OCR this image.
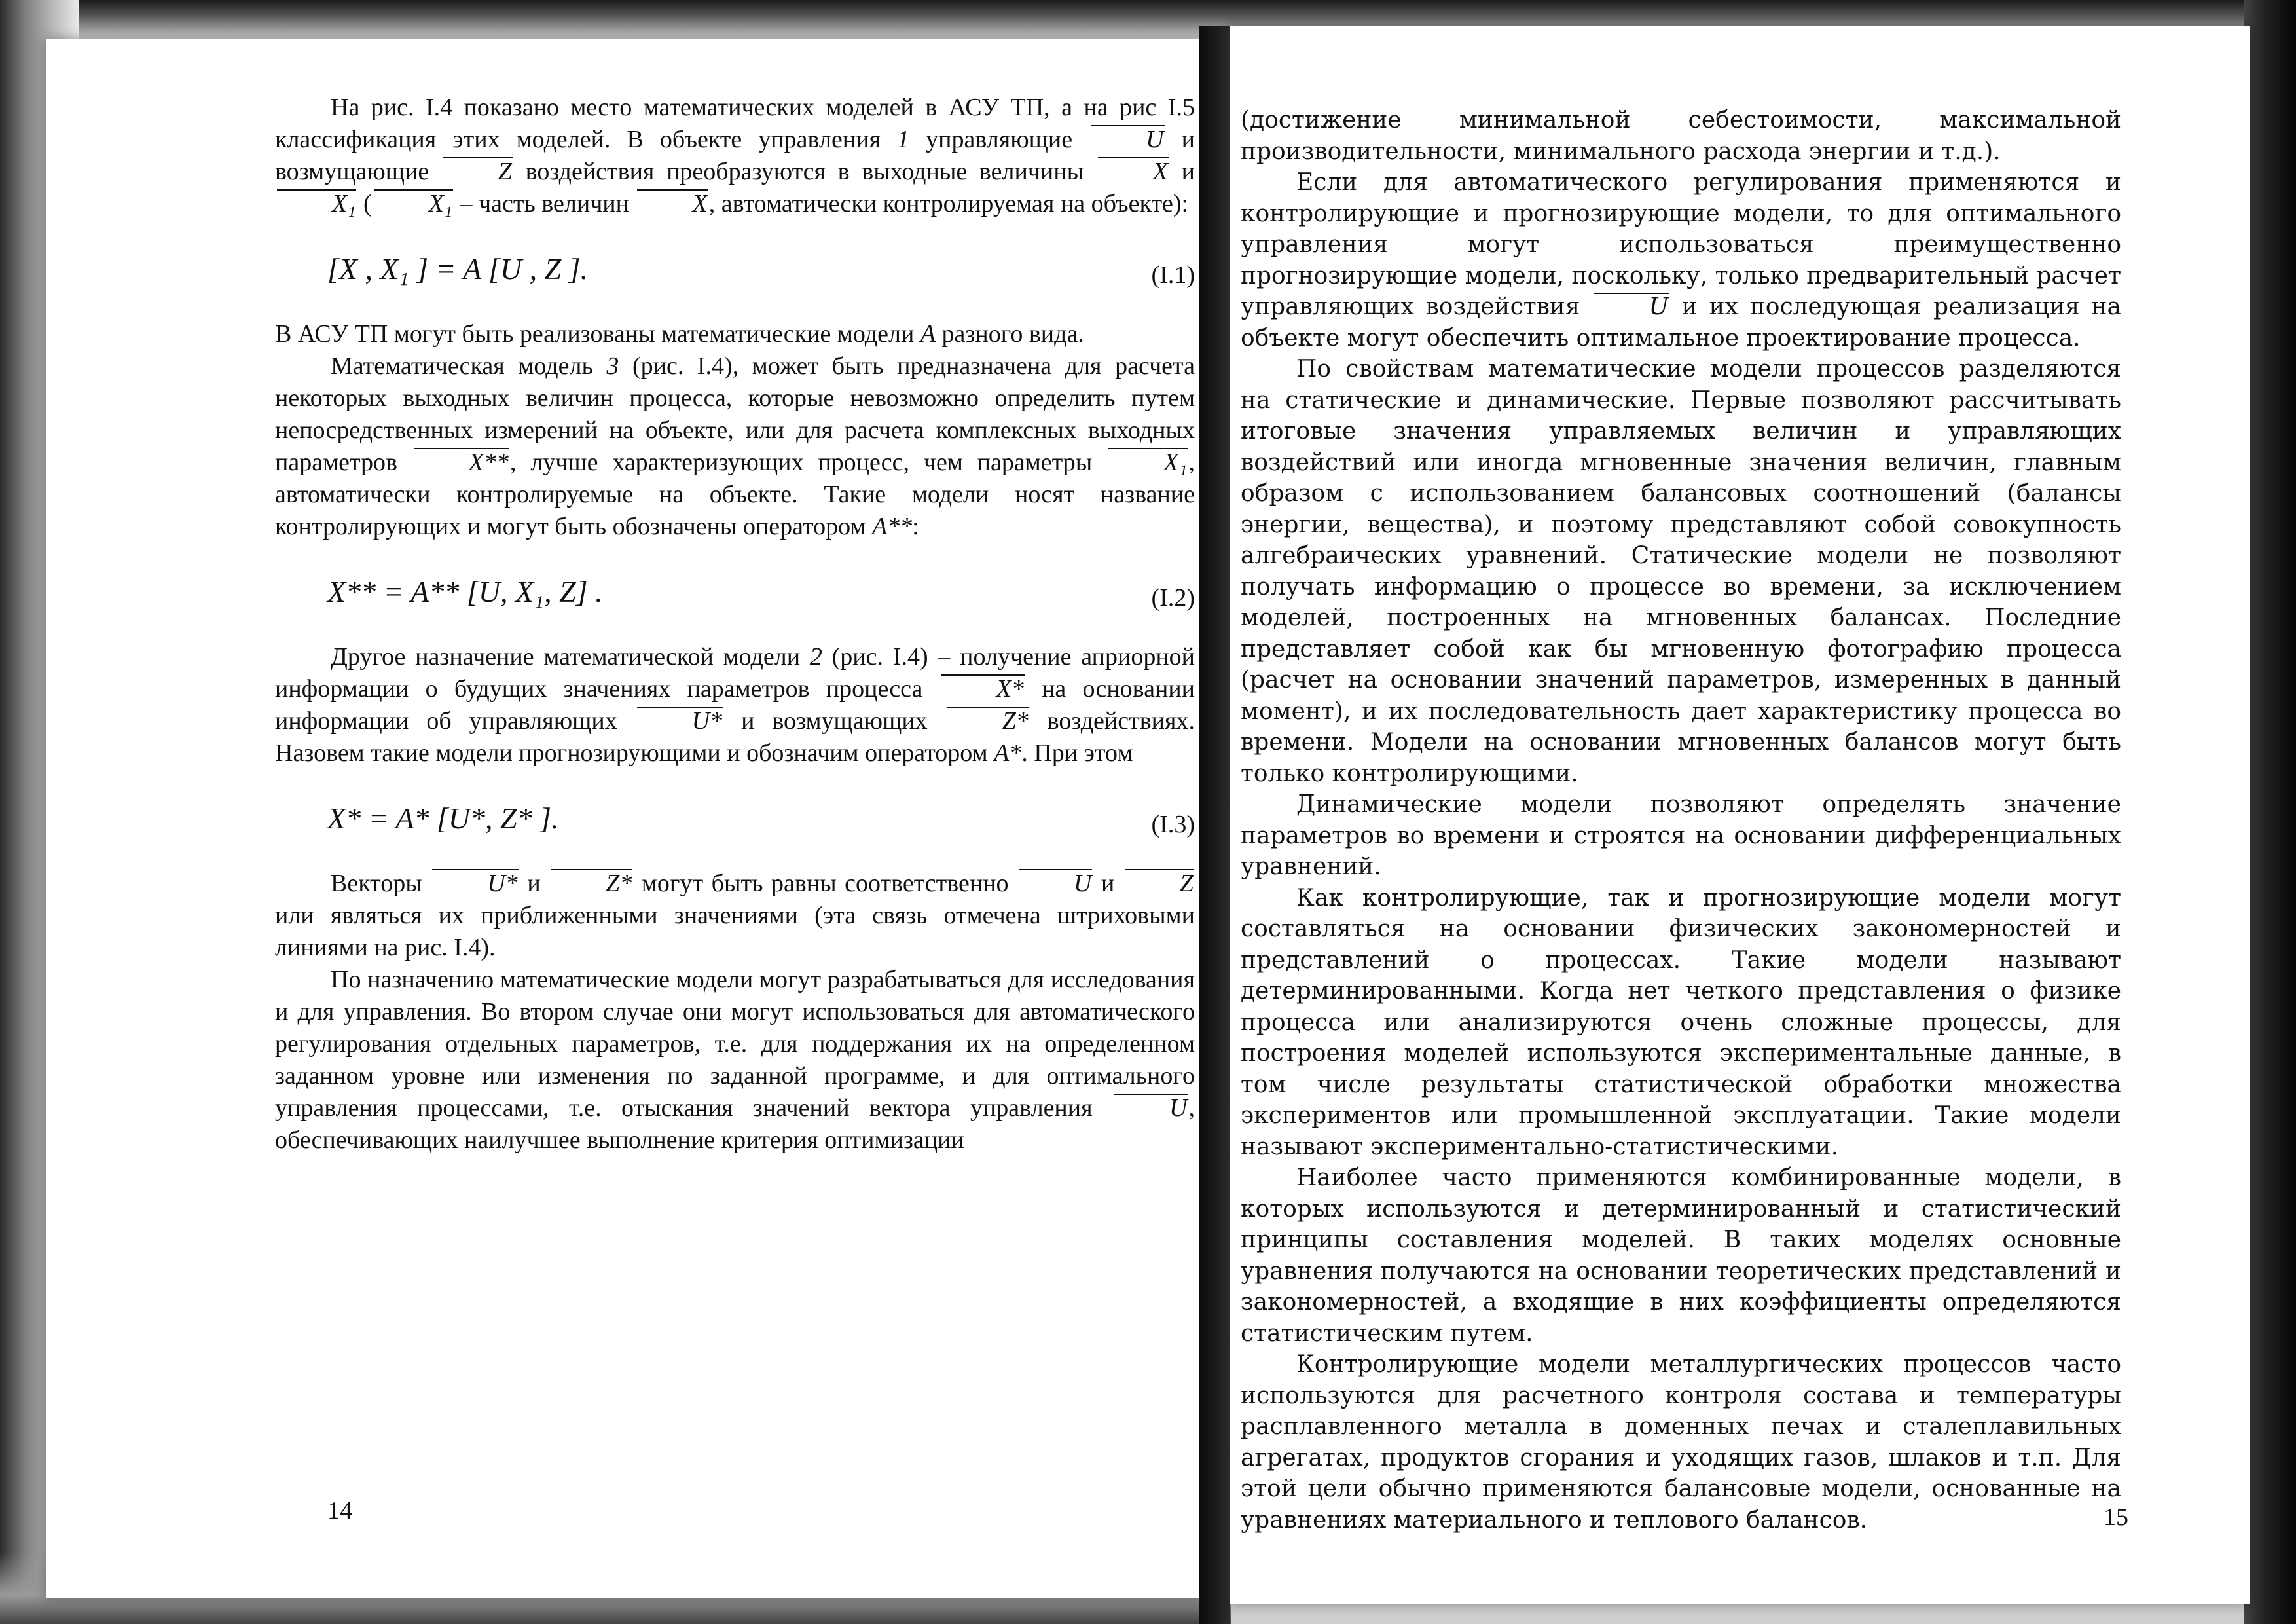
На рис. I.4 показано место математических моделей в АСУ ТП, а на рис I.5 классификация этих моделей. В объекте управления 1 управляющие U и возмущающие Z воздействия преобразуются в выходные величины X и X₁ ( X₁ – часть величин X, автоматически контролируемая на объекте):

[X , X₁ ] = A [U , Z ].	(I.1)

В АСУ ТП могут быть реализованы математические модели A разного вида.

Математическая модель 3 (рис. I.4), может быть предназначена для расчета некоторых выходных величин процесса, которые невозможно определить путем непосредственных измерений на объекте, или для расчета комплексных выходных параметров X**, лучше характеризующих процесс, чем параметры X₁, автоматически контролируемые на объекте. Такие модели носят название контролирующих и могут быть обозначены оператором A**:

X** = A** [U, X₁, Z] .	(I.2)

Другое назначение математической модели 2 (рис. I.4) – получение априорной информации о будущих значениях параметров процесса X* на основании информации об управляющих U* и возмущающих Z* воздействиях. Назовем такие модели прогнозирующими и обозначим оператором A*. При этом

X* = A* [U*, Z* ].	(I.3)

Векторы U* и Z* могут быть равны соответственно U и Z или являться их приближенными значениями (эта связь отмечена штриховыми линиями на рис. I.4).

По назначению математические модели могут разрабатываться для исследования и для управления. Во втором случае они могут использоваться для автоматического регулирования отдельных параметров, т.е. для поддержания их на определенном заданном уровне или изменения по заданной программе, и для оптимального управления процессами, т.е. отыскания значений вектора управления U, обеспечивающих наилучшее выполнение критерия оптимизации

14

(достижение минимальной себестоимости, максимальной производительности, минимального расхода энергии и т.д.).

Если для автоматического регулирования применяются и контролирующие и прогнозирующие модели, то для оптимального управления могут использоваться преимущественно прогнозирующие модели, поскольку, только предварительный расчет управляющих воздействия U и их последующая реализация на объекте могут обеспечить оптимальное проектирование процесса.

По свойствам математические модели процессов разделяются на статические и динамические. Первые позволяют рассчитывать итоговые значения управляемых величин и управляющих воздействий или иногда мгновенные значения величин, главным образом с использованием балансовых соотношений (балансы энергии, вещества), и поэтому представляют собой совокупность алгебраических уравнений. Статические модели не позволяют получать информацию о процессе во времени, за исключением моделей, построенных на мгновенных балансах. Последние представляет собой как бы мгновенную фотографию процесса (расчет на основании значений параметров, измеренных в данный момент), и их последовательность дает характеристику процесса во времени. Модели на основании мгновенных балансов могут быть только контролирующими.

Динамические модели позволяют определять значение параметров во времени и строятся на основании дифференциальных уравнений.

Как контролирующие, так и прогнозирующие модели могут составляться на основании физических закономерностей и представлений о процессах. Такие модели называют детерминированными. Когда нет четкого представления о физике процесса или анализируются очень сложные процессы, для построения моделей используются экспериментальные данные, в том числе результаты статистической обработки множества экспериментов или промышленной эксплуатации. Такие модели называют экспериментально-статистическими.

Наиболее часто применяются комбинированные модели, в которых используются и детерминированный и статистический принципы составления моделей. В таких моделях основные уравнения получаются на основании теоретических представлений и закономерностей, а входящие в них коэффициенты определяются статистическим путем.

Контролирующие модели металлургических процессов часто используются для расчетного контроля состава и температуры расплавленного металла в доменных печах и сталеплавильных агрегатах, продуктов сгорания и уходящих газов, шлаков и т.п. Для этой цели обычно применяются балансовые модели, основанные на уравнениях материального и теплового балансов.	15
